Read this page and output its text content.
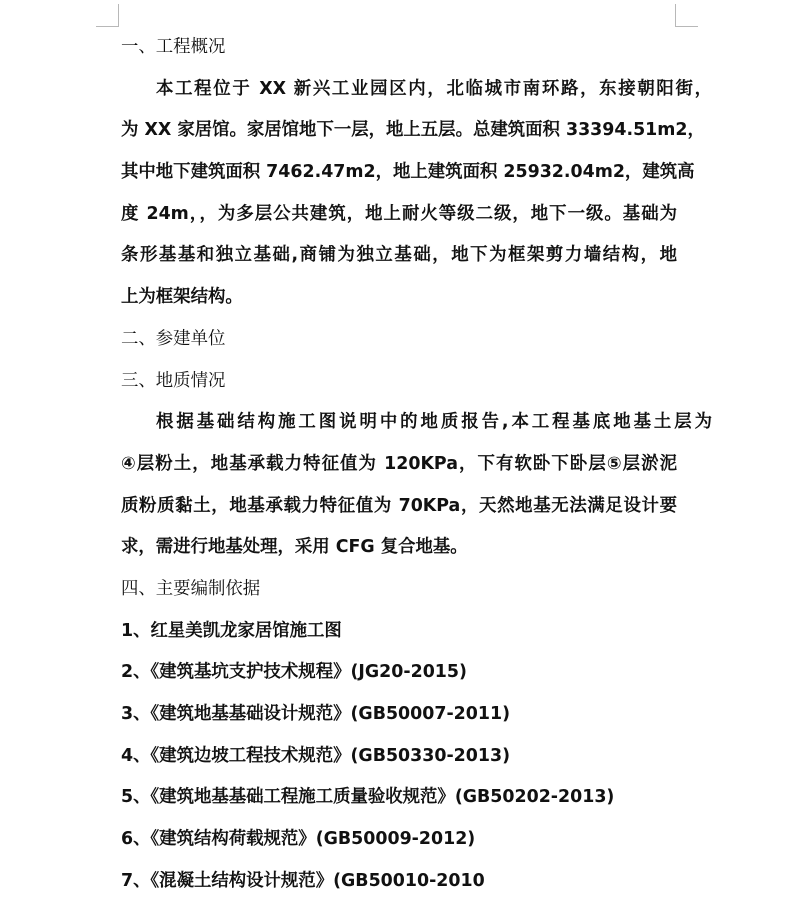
一、工程概况
本工程位于 XX 新兴工业园区内，北临城市南环路，东接朝阳街，
为 XX 家居馆。家居馆地下一层，地上五层。总建筑面积 33394.51m2，
其中地下建筑面积 7462.47m2，地上建筑面积 25932.04m2，建筑高
度 24m，，为多层公共建筑，地上耐火等级二级，地下一级。基础为
条形基基和独立基础,商铺为独立基础，地下为框架剪力墙结构，地
上为框架结构。
二、参建单位
三、地质情况
根据基础结构施工图说明中的地质报告,本工程基底地基土层为
④层粉土，地基承载力特征值为 120KPa，下有软卧下卧层⑤层淤泥
质粉质黏土，地基承载力特征值为 70KPa，天然地基无法满足设计要
求，需进行地基处理，采用 CFG 复合地基。
四、主要编制依据
1、红星美凯龙家居馆施工图
2、《建筑基坑支护技术规程》(JG20-2015)
3、《建筑地基基础设计规范》(GB50007-2011)
4、《建筑边坡工程技术规范》(GB50330-2013)
5、《建筑地基基础工程施工质量验收规范》(GB50202-2013)
6、《建筑结构荷载规范》(GB50009-2012)
7、《混凝土结构设计规范》(GB50010-2010
